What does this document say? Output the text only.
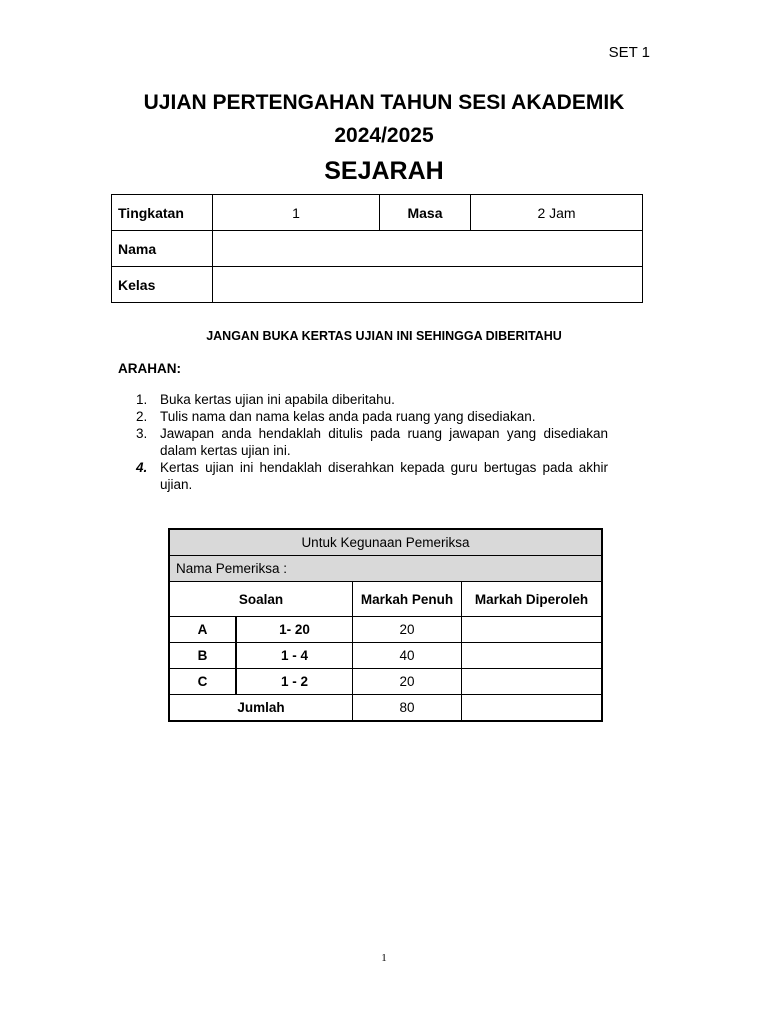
SET 1
UJIAN PERTENGAHAN TAHUN SESI AKADEMIK
2024/2025
SEJARAH
Tingkatan	1	Masa	2 Jam
Nama			
Kelas			
JANGAN BUKA KERTAS UJIAN INI SEHINGGA DIBERITAHU
ARAHAN:
1. Buka kertas ujian ini apabila diberitahu.
2. Tulis nama dan nama kelas anda pada ruang yang disediakan.
3. Jawapan anda hendaklah ditulis pada ruang jawapan yang disediakan dalam kertas ujian ini.
4. Kertas ujian ini hendaklah diserahkan kepada guru bertugas pada akhir ujian.
Untuk Kegunaan Pemeriksa			
Nama Pemeriksa :			
Soalan		Markah Penuh	Markah Diperoleh
A	1- 20	20	
B	1 - 4	40	
C	1 - 2	20	
Jumlah		80	
1
